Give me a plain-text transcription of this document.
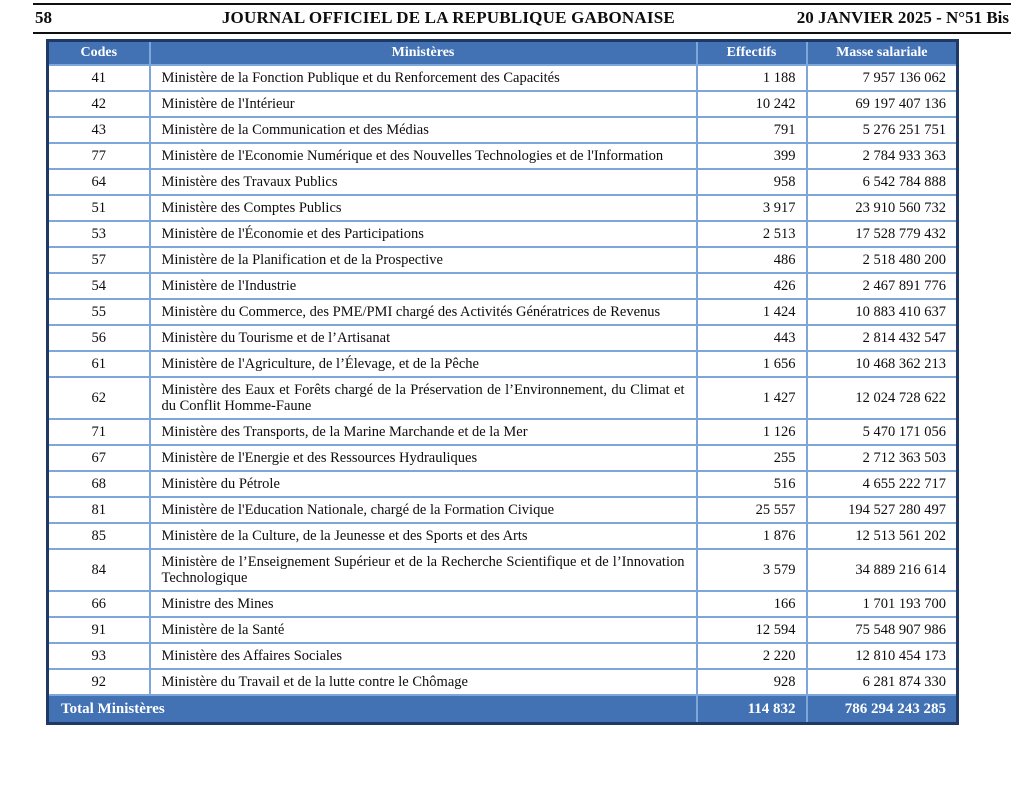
58	JOURNAL OFFICIEL DE LA REPUBLIQUE GABONAISE	20 JANVIER 2025 - N°51 Bis
Codes	Ministères	Effectifs	Masse salariale
41	Ministère de la Fonction Publique et du Renforcement des Capacités	1 188	7 957 136 062
42	Ministère de l'Intérieur	10 242	69 197 407 136
43	Ministère de la Communication et des Médias	791	5 276 251 751
77	Ministère de l'Economie Numérique et des Nouvelles Technologies et de l'Information	399	2 784 933 363
64	Ministère des Travaux Publics	958	6 542 784 888
51	Ministère des Comptes Publics	3 917	23 910 560 732
53	Ministère de l'Économie et des Participations	2 513	17 528 779 432
57	Ministère de la Planification et de la Prospective	486	2 518 480 200
54	Ministère de l'Industrie	426	2 467 891 776
55	Ministère du Commerce, des PME/PMI chargé des Activités Génératrices de Revenus	1 424	10 883 410 637
56	Ministère du Tourisme et de l’Artisanat	443	2 814 432 547
61	Ministère de l'Agriculture, de l’Élevage, et de la Pêche	1 656	10 468 362 213
62	Ministère des Eaux et Forêts chargé de la Préservation de l’Environnement, du Climat et du Conflit Homme-Faune	1 427	12 024 728 622
71	Ministère des Transports, de la Marine Marchande et de la Mer	1 126	5 470 171 056
67	Ministère de l'Energie et des Ressources Hydrauliques	255	2 712 363 503
68	Ministère du Pétrole	516	4 655 222 717
81	Ministère de l'Education Nationale, chargé de la Formation Civique	25 557	194 527 280 497
85	Ministère de la Culture, de la Jeunesse et des Sports et des Arts	1 876	12 513 561 202
84	Ministère de l’Enseignement Supérieur et de la Recherche Scientifique et de l’Innovation Technologique	3 579	34 889 216 614
66	Ministre des Mines	166	1 701 193 700
91	Ministère de la Santé	12 594	75 548 907 986
93	Ministère des Affaires Sociales	2 220	12 810 454 173
92	Ministère du Travail et de la lutte contre le Chômage	928	6 281 874 330
Total Ministères		114 832	786 294 243 285
